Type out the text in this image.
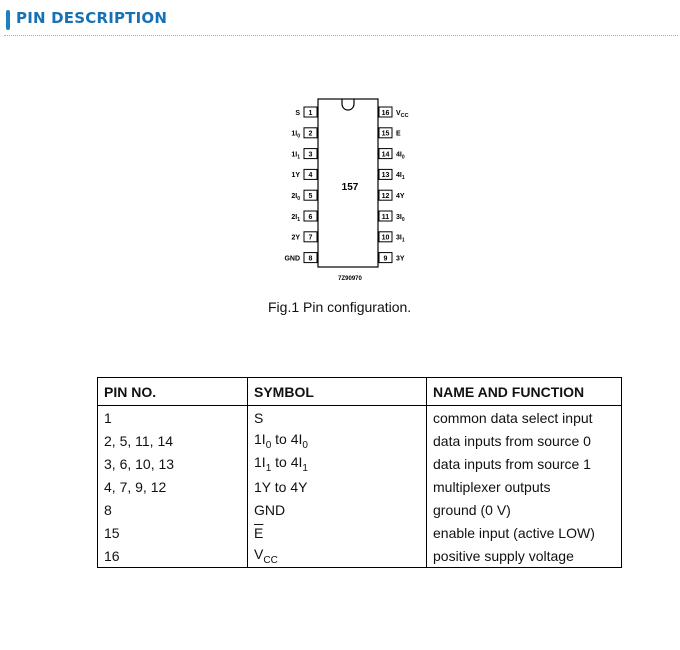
PIN DESCRIPTION
157
7Z90970
1
S
2
$1I_0$
3
$1I_1$
4
1Y
5
$2I_0$
6
$2I_1$
7
2Y
8
GND
16 $V_{CC}$
15 E
14 $4I_0$
13 $4I_1$
12 4Y
11 $3I_0$
10 $3I_1$
9 3Y
Fig.1 Pin configuration.
PIN NO.	SYMBOL	NAME AND FUNCTION
1	S	common data select input
2, 5, 11, 14	$1I_0$ to $4I_0$	data inputs from source 0
3, 6, 10, 13	$1I_1$ to $4I_1$	data inputs from source 1
4, 7, 9, 12	1Y to 4Y	multiplexer outputs
8	GND	ground (0 V)
15	$\overline{E}$	enable input (active LOW)
16	$V_{CC}$	positive supply voltage
